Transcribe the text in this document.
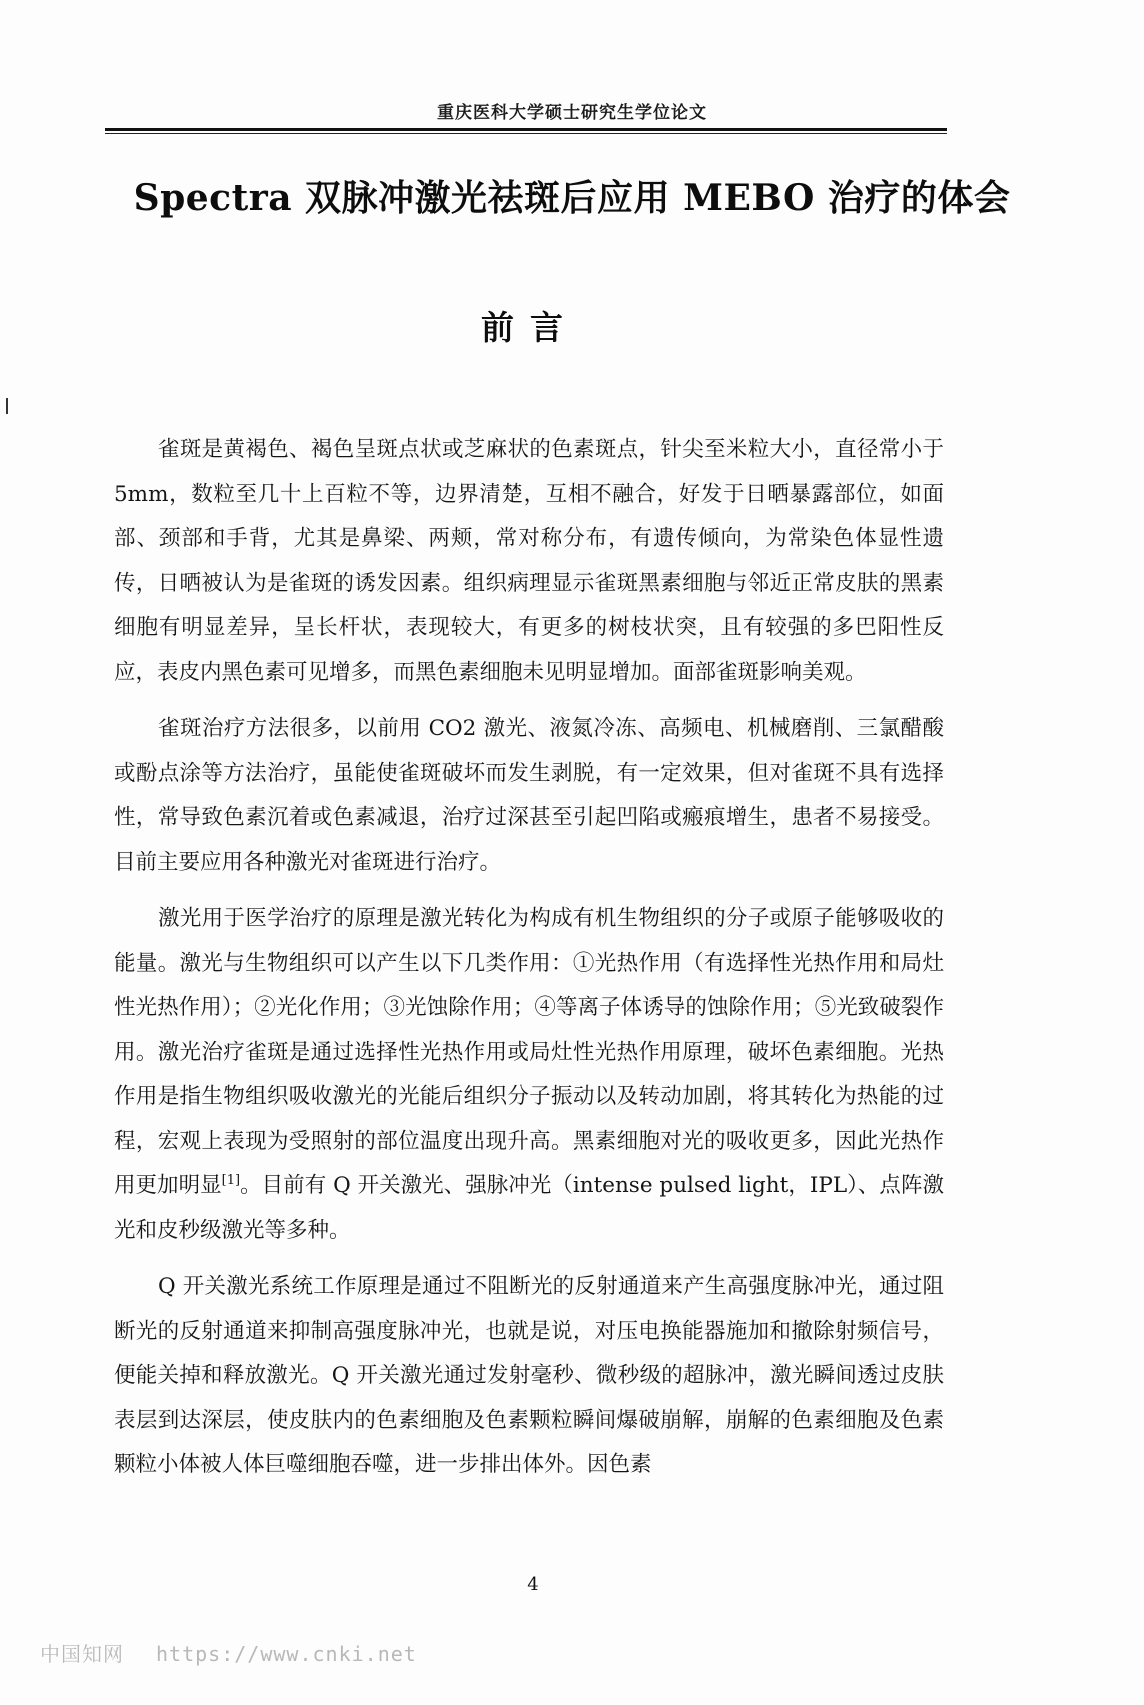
重庆医科大学硕士研究生学位论文
Spectra 双脉冲激光祛斑后应用 MEBO 治疗的体会
前言

雀斑是黄褐色、褐色呈斑点状或芝麻状的色素斑点，针尖至米粒大小，直径常小于 5mm，数粒至几十上百粒不等，边界清楚，互相不融合，好发于日晒暴露部位，如面部、颈部和手背，尤其是鼻梁、两颊，常对称分布，有遗传倾向，为常染色体显性遗传，日晒被认为是雀斑的诱发因素。组织病理显示雀斑黑素细胞与邻近正常皮肤的黑素细胞有明显差异，呈长杆状，表现较大，有更多的树枝状突，且有较强的多巴阳性反应，表皮内黑色素可见增多，而黑色素细胞未见明显增加。面部雀斑影响美观。

雀斑治疗方法很多，以前用 CO2 激光、液氮冷冻、高频电、机械磨削、三氯醋酸或酚点涂等方法治疗，虽能使雀斑破坏而发生剥脱，有一定效果，但对雀斑不具有选择性，常导致色素沉着或色素减退，治疗过深甚至引起凹陷或瘢痕增生，患者不易接受。目前主要应用各种激光对雀斑进行治疗。

激光用于医学治疗的原理是激光转化为构成有机生物组织的分子或原子能够吸收的能量。激光与生物组织可以产生以下几类作用：①光热作用（有选择性光热作用和局灶性光热作用）；②光化作用；③光蚀除作用；④等离子体诱导的蚀除作用；⑤光致破裂作用。激光治疗雀斑是通过选择性光热作用或局灶性光热作用原理，破坏色素细胞。光热作用是指生物组织吸收激光的光能后组织分子振动以及转动加剧，将其转化为热能的过程，宏观上表现为受照射的部位温度出现升高。黑素细胞对光的吸收更多，因此光热作用更加明显[1]。目前有 Q 开关激光、强脉冲光（intense pulsed light，IPL）、点阵激光和皮秒级激光等多种。

Q 开关激光系统工作原理是通过不阻断光的反射通道来产生高强度脉冲光，通过阻断光的反射通道来抑制高强度脉冲光，也就是说，对压电换能器施加和撤除射频信号，便能关掉和释放激光。Q 开关激光通过发射毫秒、微秒级的超脉冲，激光瞬间透过皮肤表层到达深层，使皮肤内的色素细胞及色素颗粒瞬间爆破崩解，崩解的色素细胞及色素颗粒小体被人体巨噬细胞吞噬，进一步排出体外。因色素

4
中国知网 https://www.cnki.net
